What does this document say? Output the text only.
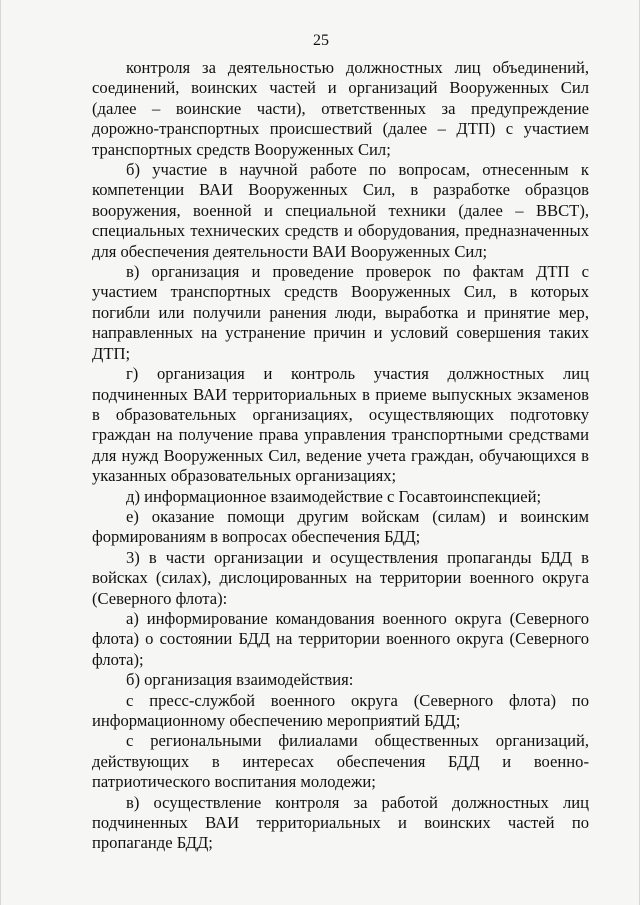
25

контроля за деятельностью должностных лиц объединений, соединений, воинских частей и организаций Вооруженных Сил (далее – воинские части), ответственных за предупреждение дорожно-транспортных происшествий (далее – ДТП) с участием транспортных средств Вооруженных Сил;

б) участие в научной работе по вопросам, отнесенным к компетенции ВАИ Вооруженных Сил, в разработке образцов вооружения, военной и специальной техники (далее – ВВСТ), специальных технических средств и оборудования, предназначенных для обеспечения деятельности ВАИ Вооруженных Сил;

в) организация и проведение проверок по фактам ДТП с участием транспортных средств Вооруженных Сил, в которых погибли или получили ранения люди, выработка и принятие мер, направленных на устранение причин и условий совершения таких ДТП;

г) организация и контроль участия должностных лиц подчиненных ВАИ территориальных в приеме выпускных экзаменов в образовательных организациях, осуществляющих подготовку граждан на получение права управления транспортными средствами для нужд Вооруженных Сил, ведение учета граждан, обучающихся в указанных образовательных организациях;

д) информационное взаимодействие с Госавтоинспекцией;

е) оказание помощи другим войскам (силам) и воинским формированиям в вопросах обеспечения БДД;

3) в части организации и осуществления пропаганды БДД в войсках (силах), дислоцированных на территории военного округа (Северного флота):

а) информирование командования военного округа (Северного флота) о состоянии БДД на территории военного округа (Северного флота);

б) организация взаимодействия:

с пресс-службой военного округа (Северного флота) по информационному обеспечению мероприятий БДД;

с региональными филиалами общественных организаций, действующих в интересах обеспечения БДД и военно-патриотического воспитания молодежи;

в) осуществление контроля за работой должностных лиц подчиненных ВАИ территориальных и воинских частей по пропаганде БДД;
